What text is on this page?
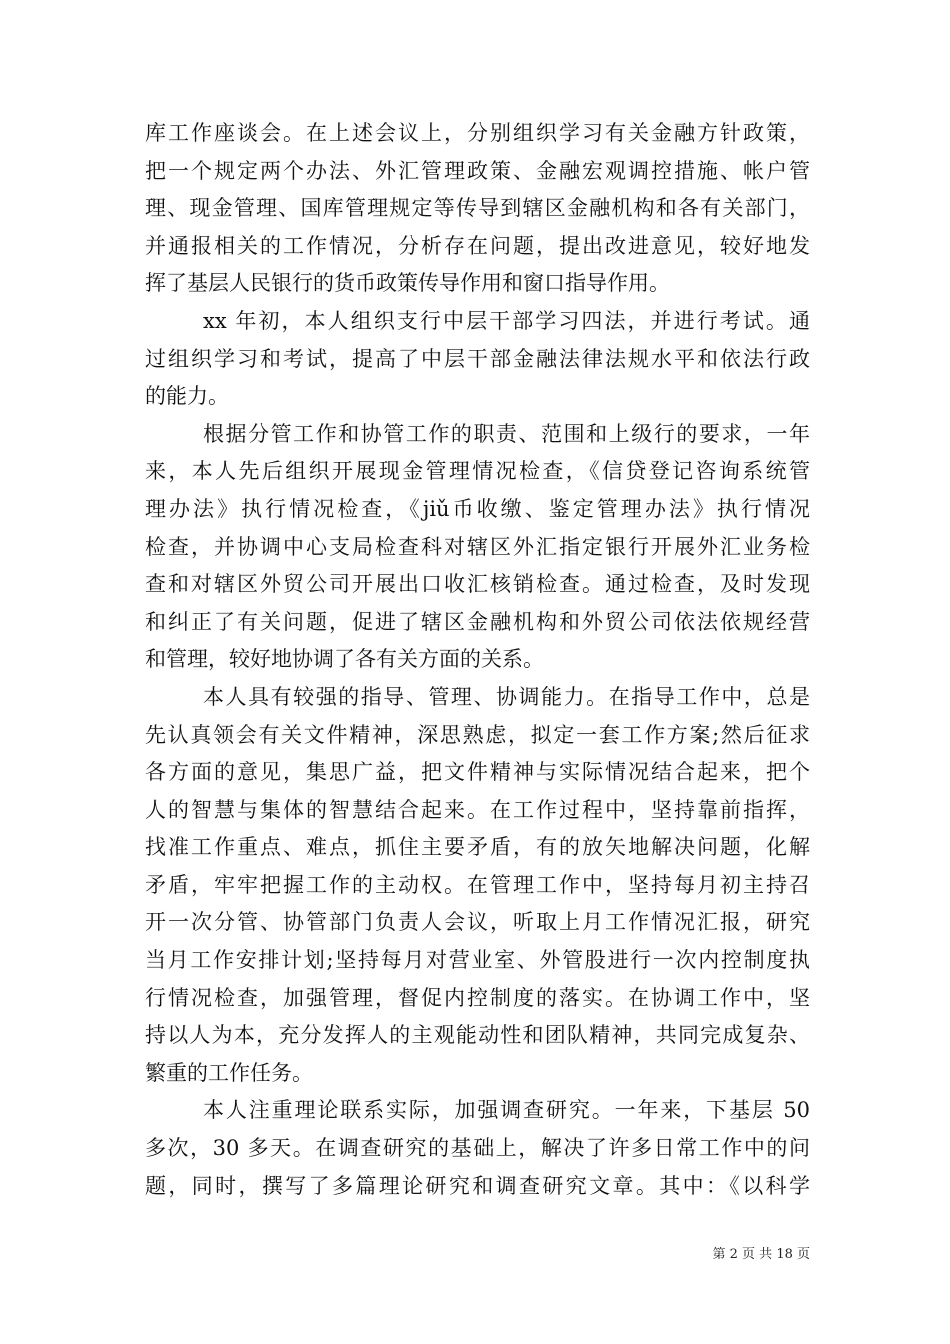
库工作座谈会。在上述会议上，分别组织学习有关金融方针政策，
把一个规定两个办法、外汇管理政策、金融宏观调控措施、帐户管
理、现金管理、国库管理规定等传导到辖区金融机构和各有关部门，
并通报相关的工作情况，分析存在问题，提出改进意见，较好地发
挥了基层人民银行的货币政策传导作用和窗口指导作用。
xx 年初，本人组织支行中层干部学习四法，并进行考试。通
过组织学习和考试，提高了中层干部金融法律法规水平和依法行政
的能力。
根据分管工作和协管工作的职责、范围和上级行的要求，一年
来，本人先后组织开展现金管理情况检查，《信贷登记咨询系统管
理办法》执行情况检查，《jiǔ币收缴、鉴定管理办法》执行情况
检查，并协调中心支局检查科对辖区外汇指定银行开展外汇业务检
查和对辖区外贸公司开展出口收汇核销检查。通过检查，及时发现
和纠正了有关问题，促进了辖区金融机构和外贸公司依法依规经营
和管理，较好地协调了各有关方面的关系。
本人具有较强的指导、管理、协调能力。在指导工作中，总是
先认真领会有关文件精神，深思熟虑，拟定一套工作方案;然后征求
各方面的意见，集思广益，把文件精神与实际情况结合起来，把个
人的智慧与集体的智慧结合起来。在工作过程中，坚持靠前指挥，
找准工作重点、难点，抓住主要矛盾，有的放矢地解决问题，化解
矛盾，牢牢把握工作的主动权。在管理工作中，坚持每月初主持召
开一次分管、协管部门负责人会议，听取上月工作情况汇报，研究
当月工作安排计划;坚持每月对营业室、外管股进行一次内控制度执
行情况检查，加强管理，督促内控制度的落实。在协调工作中，坚
持以人为本，充分发挥人的主观能动性和团队精神，共同完成复杂、
繁重的工作任务。
本人注重理论联系实际，加强调查研究。一年来，下基层 50
多次，30 多天。在调查研究的基础上，解决了许多日常工作中的问
题，同时，撰写了多篇理论研究和调查研究文章。其中：《以科学
第 2 页 共 18 页
